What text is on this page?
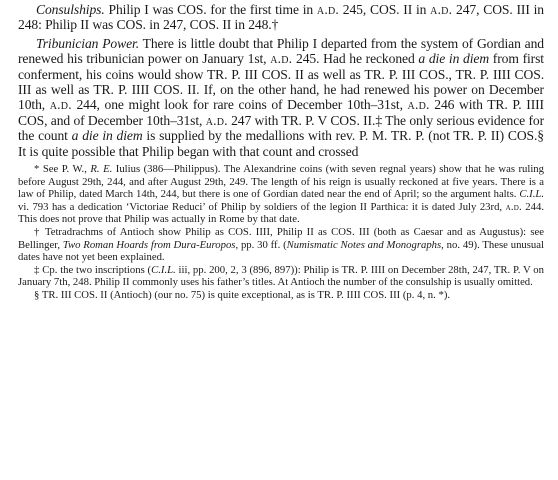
Consulships. Philip I was COS. for the first time in a.d. 245, COS. II in a.d. 247, COS. III in 248: Philip II was COS. in 247, COS. II in 248.†

Tribunician Power. There is little doubt that Philip I departed from the system of Gordian and renewed his tribunician power on January 1st, a.d. 245. Had he reckoned a die in diem from first conferment, his coins would show TR. P. III COS. II as well as TR. P. III COS., TR. P. IIII COS. III as well as TR. P. IIII COS. II. If, on the other hand, he had renewed his power on December 10th, a.d. 244, one might look for rare coins of December 10th–31st, a.d. 246 with TR. P. IIII COS, and of December 10th–31st, a.d. 247 with TR. P. V COS. II.‡ The only serious evidence for the count a die in diem is supplied by the medallions with rev. P. M. TR. P. (not TR. P. II) COS.§ It is quite possible that Philip began with that count and crossed

* See P. W., R. E. Iulius (386—Philippus). The Alexandrine coins (with seven regnal years) show that he was ruling before August 29th, 244, and after August 29th, 249. The length of his reign is usually reckoned at five years. There is a law of Philip, dated March 14th, 244, but there is one of Gordian dated near the end of April; so the argument halts. C.I.L. vi. 793 has a dedication ‘Victoriae Reduci’ of Philip by soldiers of the legion II Parthica: it is dated July 23rd, a.d. 244. This does not prove that Philip was actually in Rome by that date.

† Tetradrachms of Antioch show Philip as COS. IIII, Philip II as COS. III (both as Caesar and as Augustus): see Bellinger, Two Roman Hoards from Dura-Europos, pp. 30 ff. (Numismatic Notes and Monographs, no. 49). These unusual dates have not yet been explained.

‡ Cp. the two inscriptions (C.I.L. iii, pp. 200, 2, 3 (896, 897)): Philip is TR. P. IIII on December 28th, 247, TR. P. V on January 7th, 248. Philip II commonly uses his father’s titles. At Antioch the number of the consulship is usually omitted.

§ TR. III COS. II (Antioch) (our no. 75) is quite exceptional, as is TR. P. IIII COS. III (p. 4, n. *).
